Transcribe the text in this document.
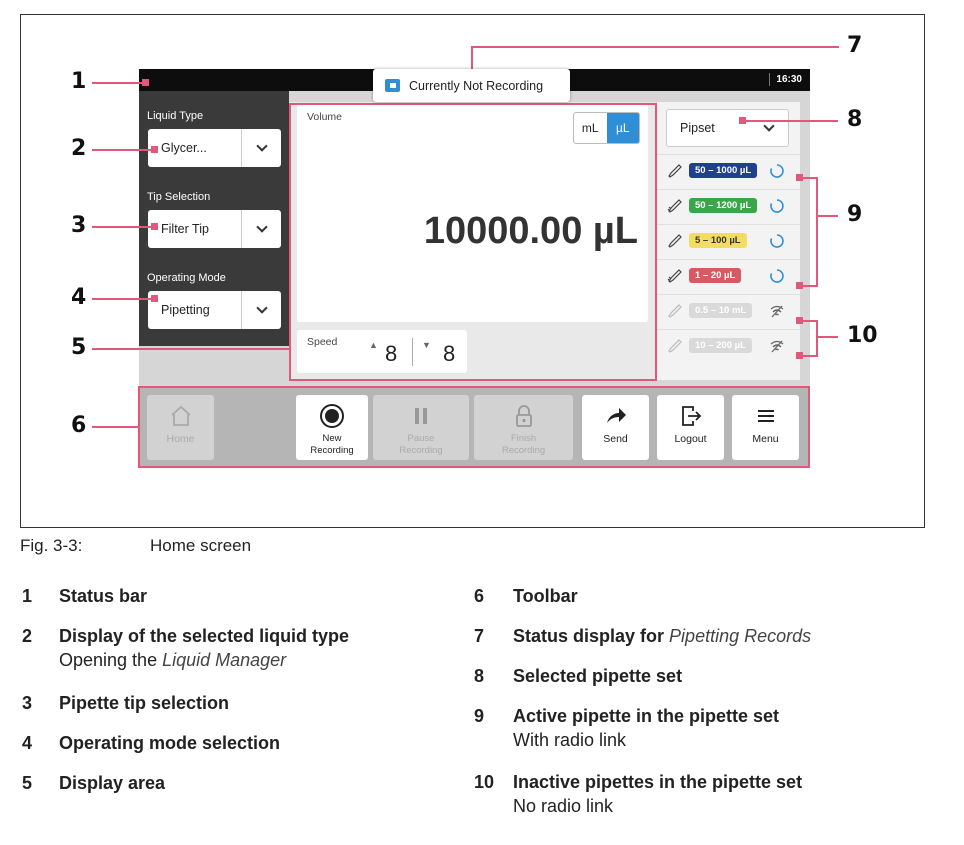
16:30
Liquid Type
Glycer...
Tip Selection
Filter Tip
Operating Mode
Pipetting
Volume
mL	µL
10000.00 µL
Speed	▲ 8	▼ 8
Pipset
50 – 1000 µL
50 – 1200 µL
5 – 100 µL
1 – 20 µL
0.5 – 10 mL
10 – 200 µL
Home	New
Recording
Pause
Recording
Finish
Recording
Send	Logout	Menu
Currently Not Recording
1
2
3
4
5
6
7
8
9
10
Fig. 3-3:	Home screen
1 Status bar
2 Display of the selected liquid type
Opening the Liquid Manager
3 Pipette tip selection
4 Operating mode selection
5 Display area
6 Toolbar
7 Status display for Pipetting Records
8 Selected pipette set
9 Active pipette in the pipette set
With radio link
10 Inactive pipettes in the pipette set
No radio link
